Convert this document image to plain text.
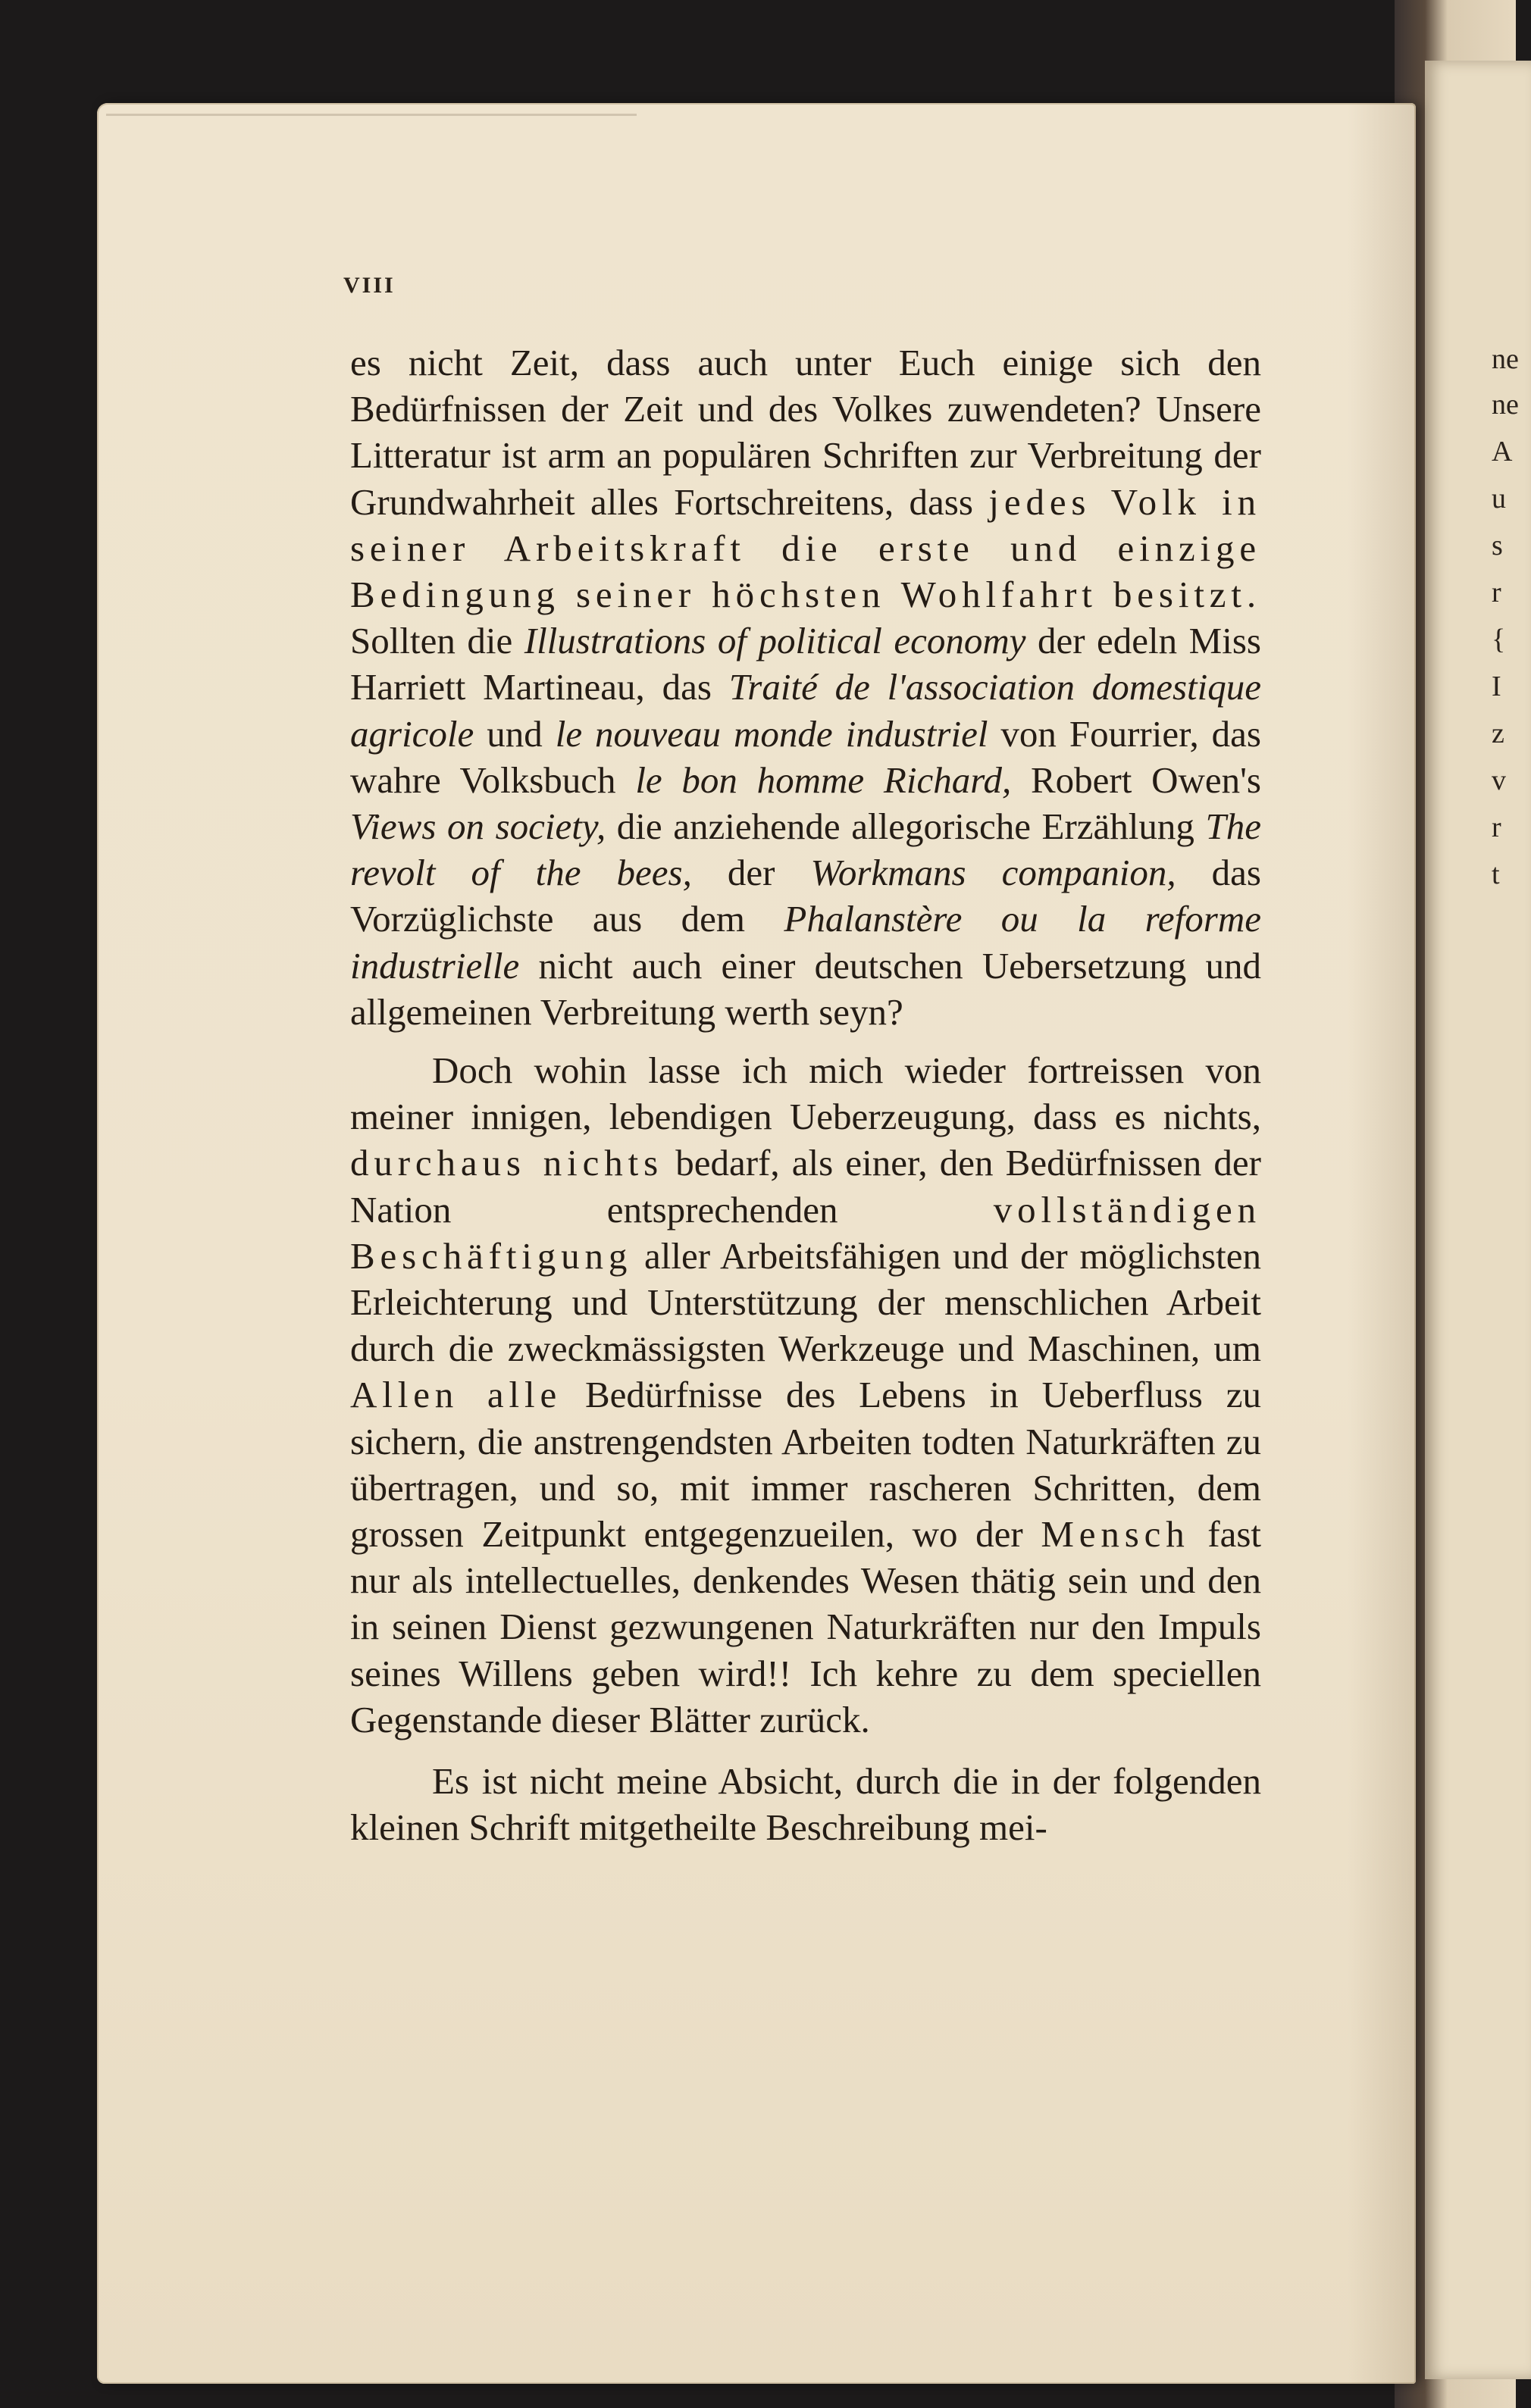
ne
ne
A
u
s
r
{
I
z
v
r
t
VIII

es nicht Zeit, dass auch unter Euch einige sich den Bedürfnissen der Zeit und des Volkes zuwendeten? Unsere Litteratur ist arm an populären Schriften zur Verbreitung der Grundwahrheit alles Fortschreitens, dass jedes Volk in seiner Arbeitskraft die erste und einzige Bedingung seiner höchsten Wohlfahrt besitzt. Sollten die Illustrations of political economy der edeln Miss Harriett Martineau, das Traité de l'association domestique agricole und le nouveau monde industriel von Fourrier, das wahre Volksbuch le bon homme Richard, Robert Owen's Views on society, die anziehende allegorische Erzählung The revolt of the bees, der Workmans companion, das Vorzüglichste aus dem Phalanstère ou la reforme industrielle nicht auch einer deutschen Uebersetzung und allgemeinen Verbreitung werth seyn?

Doch wohin lasse ich mich wieder fortreissen von meiner innigen, lebendigen Ueberzeugung, dass es nichts, durchaus nichts bedarf, als einer, den Bedürfnissen der Nation entsprechenden vollständigen Beschäftigung aller Arbeitsfähigen und der möglichsten Erleichterung und Unterstützung der menschlichen Arbeit durch die zweckmässigsten Werkzeuge und Maschinen, um Allen alle Bedürfnisse des Lebens in Ueberfluss zu sichern, die anstrengendsten Arbeiten todten Naturkräften zu übertragen, und so, mit immer rascheren Schritten, dem grossen Zeitpunkt entgegenzueilen, wo der Mensch fast nur als intellectuelles, denkendes Wesen thätig sein und den in seinen Dienst gezwungenen Naturkräften nur den Impuls seines Willens geben wird!! Ich kehre zu dem speciellen Gegenstande dieser Blätter zurück.

Es ist nicht meine Absicht, durch die in der folgenden kleinen Schrift mitgetheilte Beschreibung mei-
